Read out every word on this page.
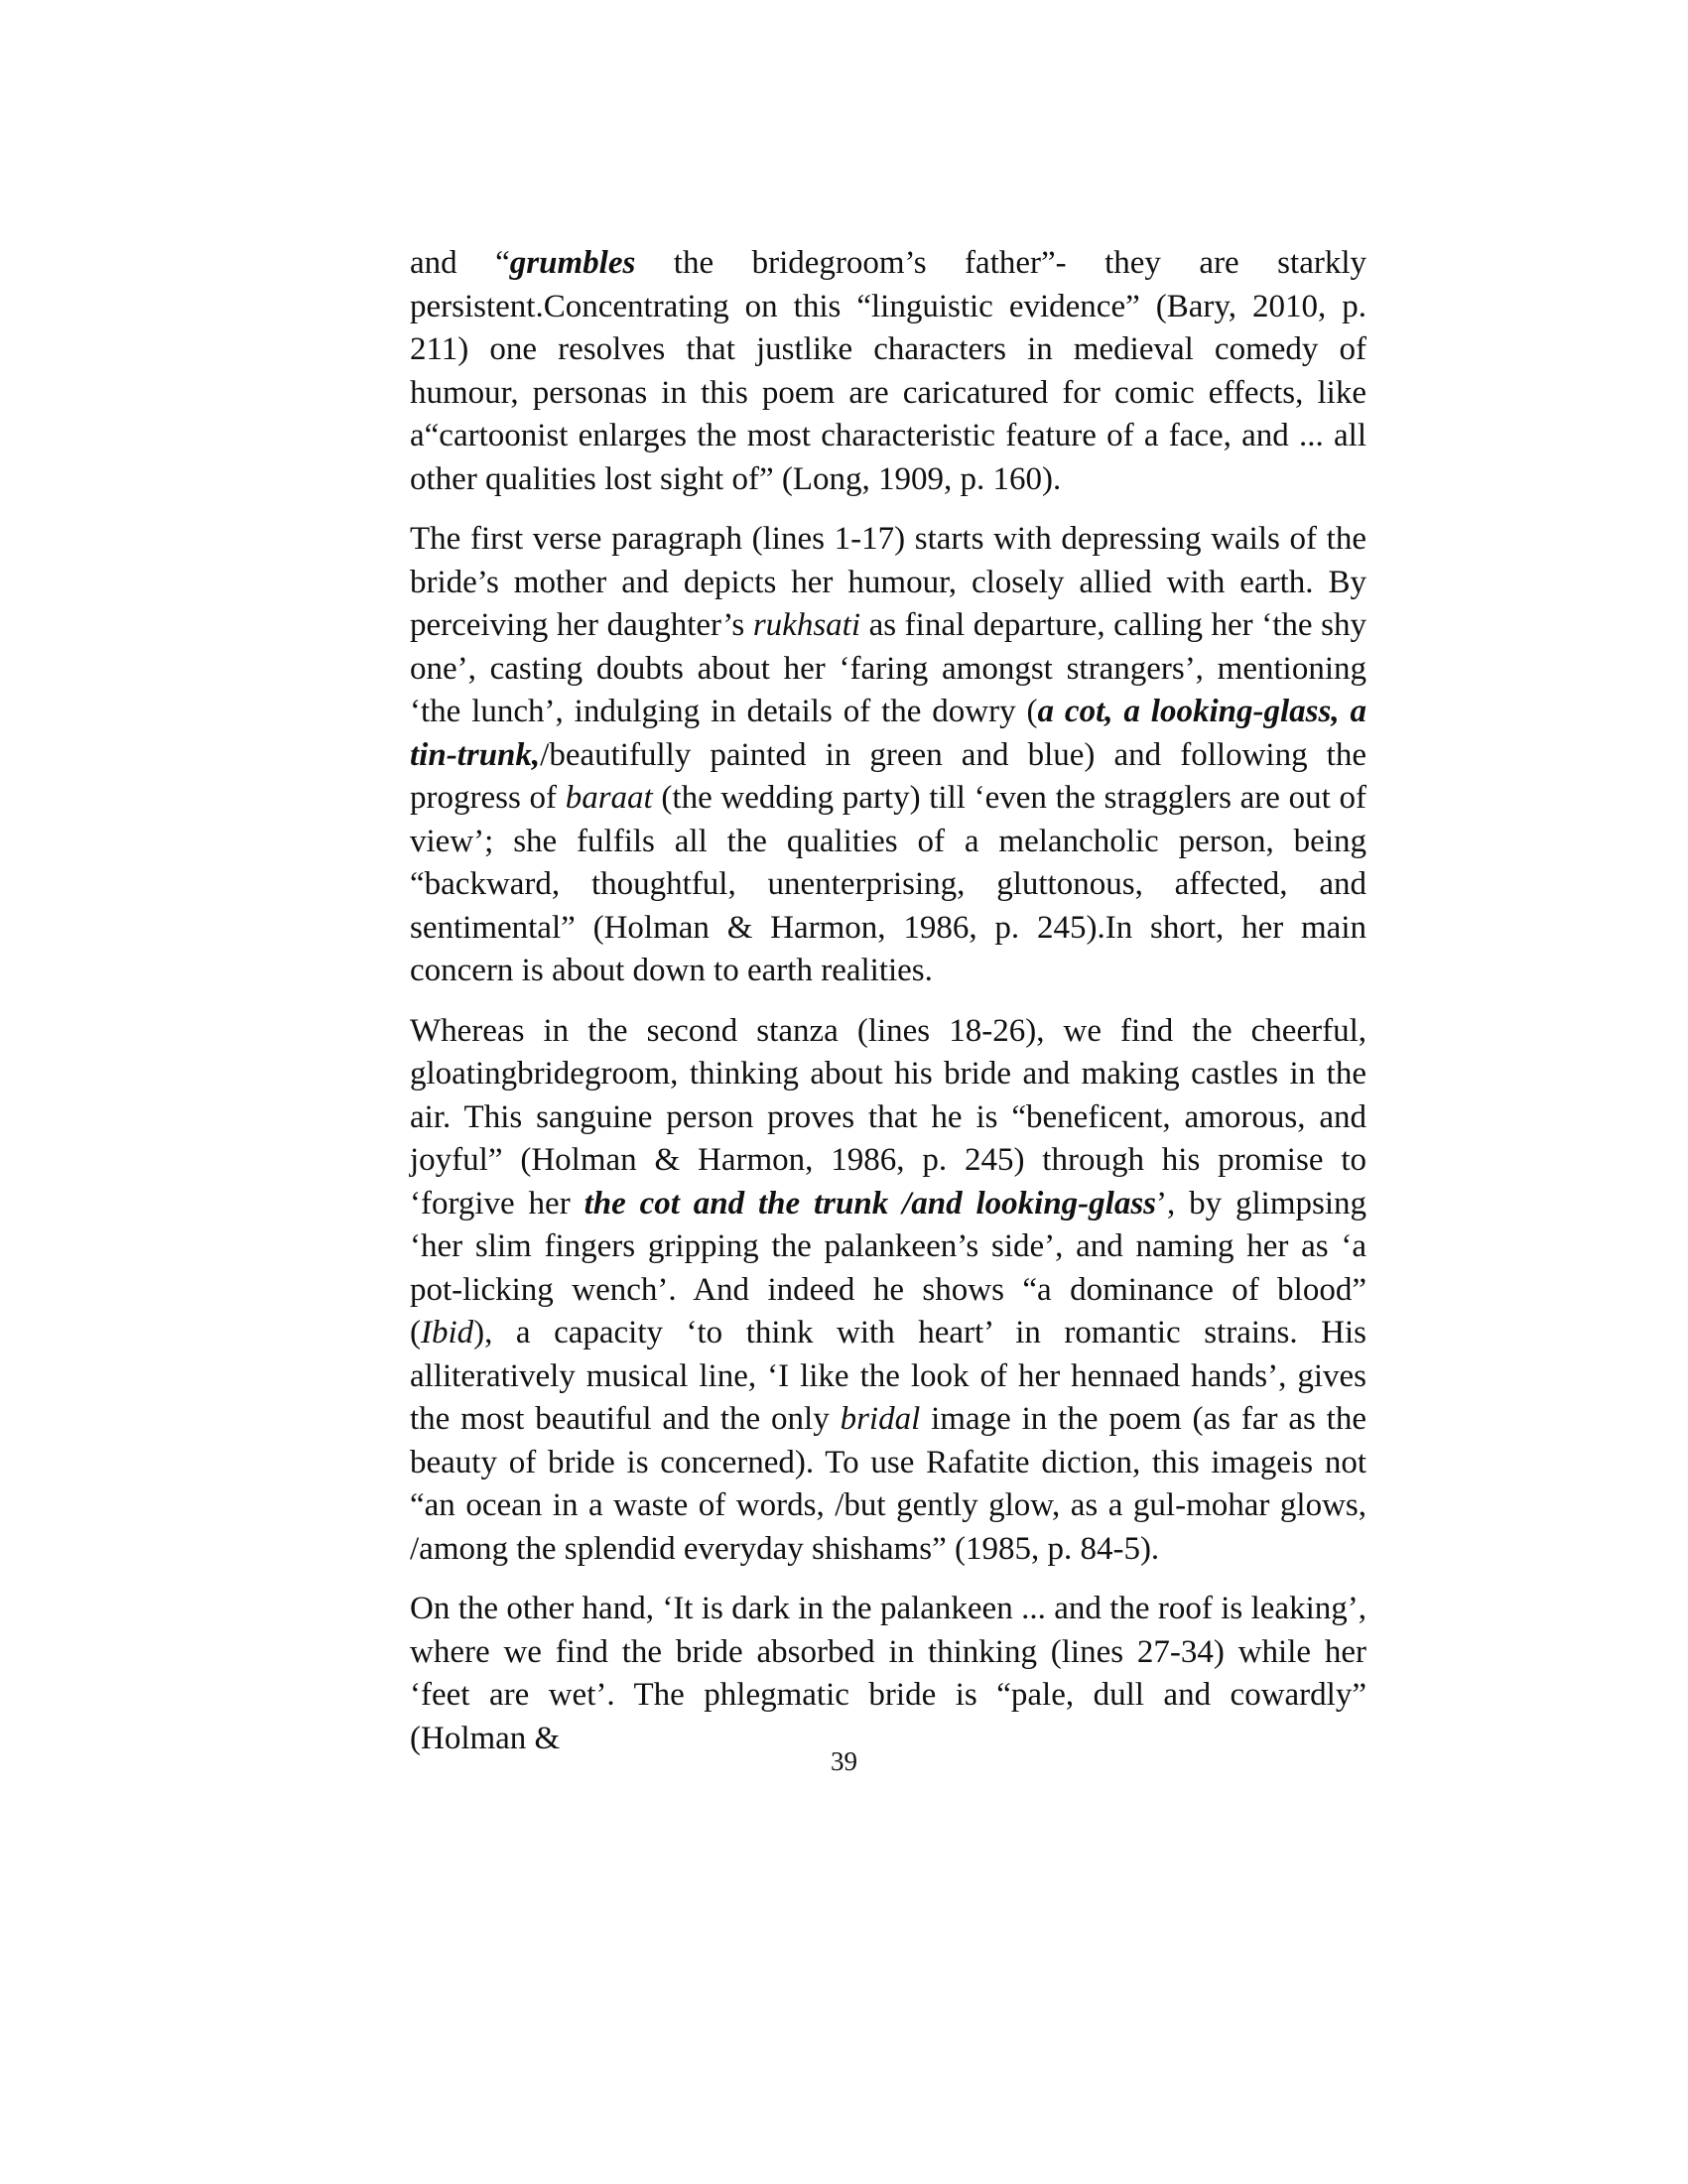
and “grumbles the bridegroom’s father”- they are starkly persistent.Concentrating on this “linguistic evidence” (Bary, 2010, p. 211) one resolves that justlike characters in medieval comedy of humour, personas in this poem are caricatured for comic effects, like a“cartoonist enlarges the most characteristic feature of a face, and ... all other qualities lost sight of” (Long, 1909, p. 160).

The first verse paragraph (lines 1-17) starts with depressing wails of the bride’s mother and depicts her humour, closely allied with earth. By perceiving her daughter’s rukhsati as final departure, calling her ‘the shy one’, casting doubts about her ‘faring amongst strangers’, mentioning ‘the lunch’, indulging in details of the dowry (a cot, a looking-glass, a tin-trunk,/beautifully painted in green and blue) and following the progress of baraat (the wedding party) till ‘even the stragglers are out of view’; she fulfils all the qualities of a melancholic person, being “backward, thoughtful, unenterprising, gluttonous, affected, and sentimental” (Holman & Harmon, 1986, p. 245).In short, her main concern is about down to earth realities.

Whereas in the second stanza (lines 18-26), we find the cheerful, gloatingbridegroom, thinking about his bride and making castles in the air. This sanguine person proves that he is “beneficent, amorous, and joyful” (Holman & Harmon, 1986, p. 245) through his promise to ‘forgive her the cot and the trunk /and looking-glass’, by glimpsing ‘her slim fingers gripping the palankeen’s side’, and naming her as ‘a pot-licking wench’. And indeed he shows “a dominance of blood” (Ibid), a capacity ‘to think with heart’ in romantic strains. His alliteratively musical line, ‘I like the look of her hennaed hands’, gives the most beautiful and the only bridal image in the poem (as far as the beauty of bride is concerned). To use Rafatite diction, this imageis not “an ocean in a waste of words, /but gently glow, as a gul-mohar glows, /among the splendid everyday shishams” (1985, p. 84-5).

On the other hand, ‘It is dark in the palankeen ... and the roof is leaking’, where we find the bride absorbed in thinking (lines 27-34) while her ‘feet are wet’. The phlegmatic bride is “pale, dull and cowardly” (Holman &

39
